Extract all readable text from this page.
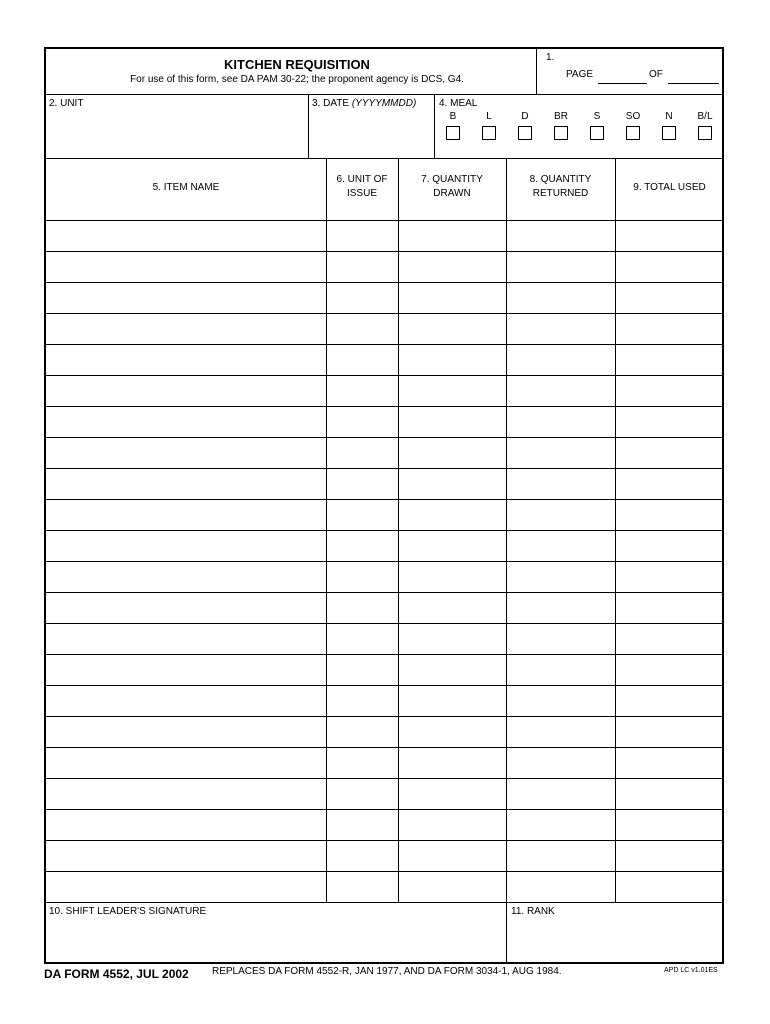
KITCHEN REQUISITION
For use of this form, see DA PAM 30-22; the proponent agency is DCS, G4.
1.
PAGE	OF
2. UNIT	3. DATE (YYYYMMDD) 4. MEAL
B	L	D	BR	S	SO	N B/L
5. ITEM NAME
6. UNIT OF
ISSUE
7. QUANTITY
DRAWN
8. QUANTITY
RETURNED
9. TOTAL USED
10. SHIFT LEADER'S SIGNATURE	11. RANK
DA FORM 4552, JUL 2002 REPLACES DA FORM 4552-R, JAN 1977, AND DA FORM 3034-1, AUG 1984.	APD LC v1.01ES
